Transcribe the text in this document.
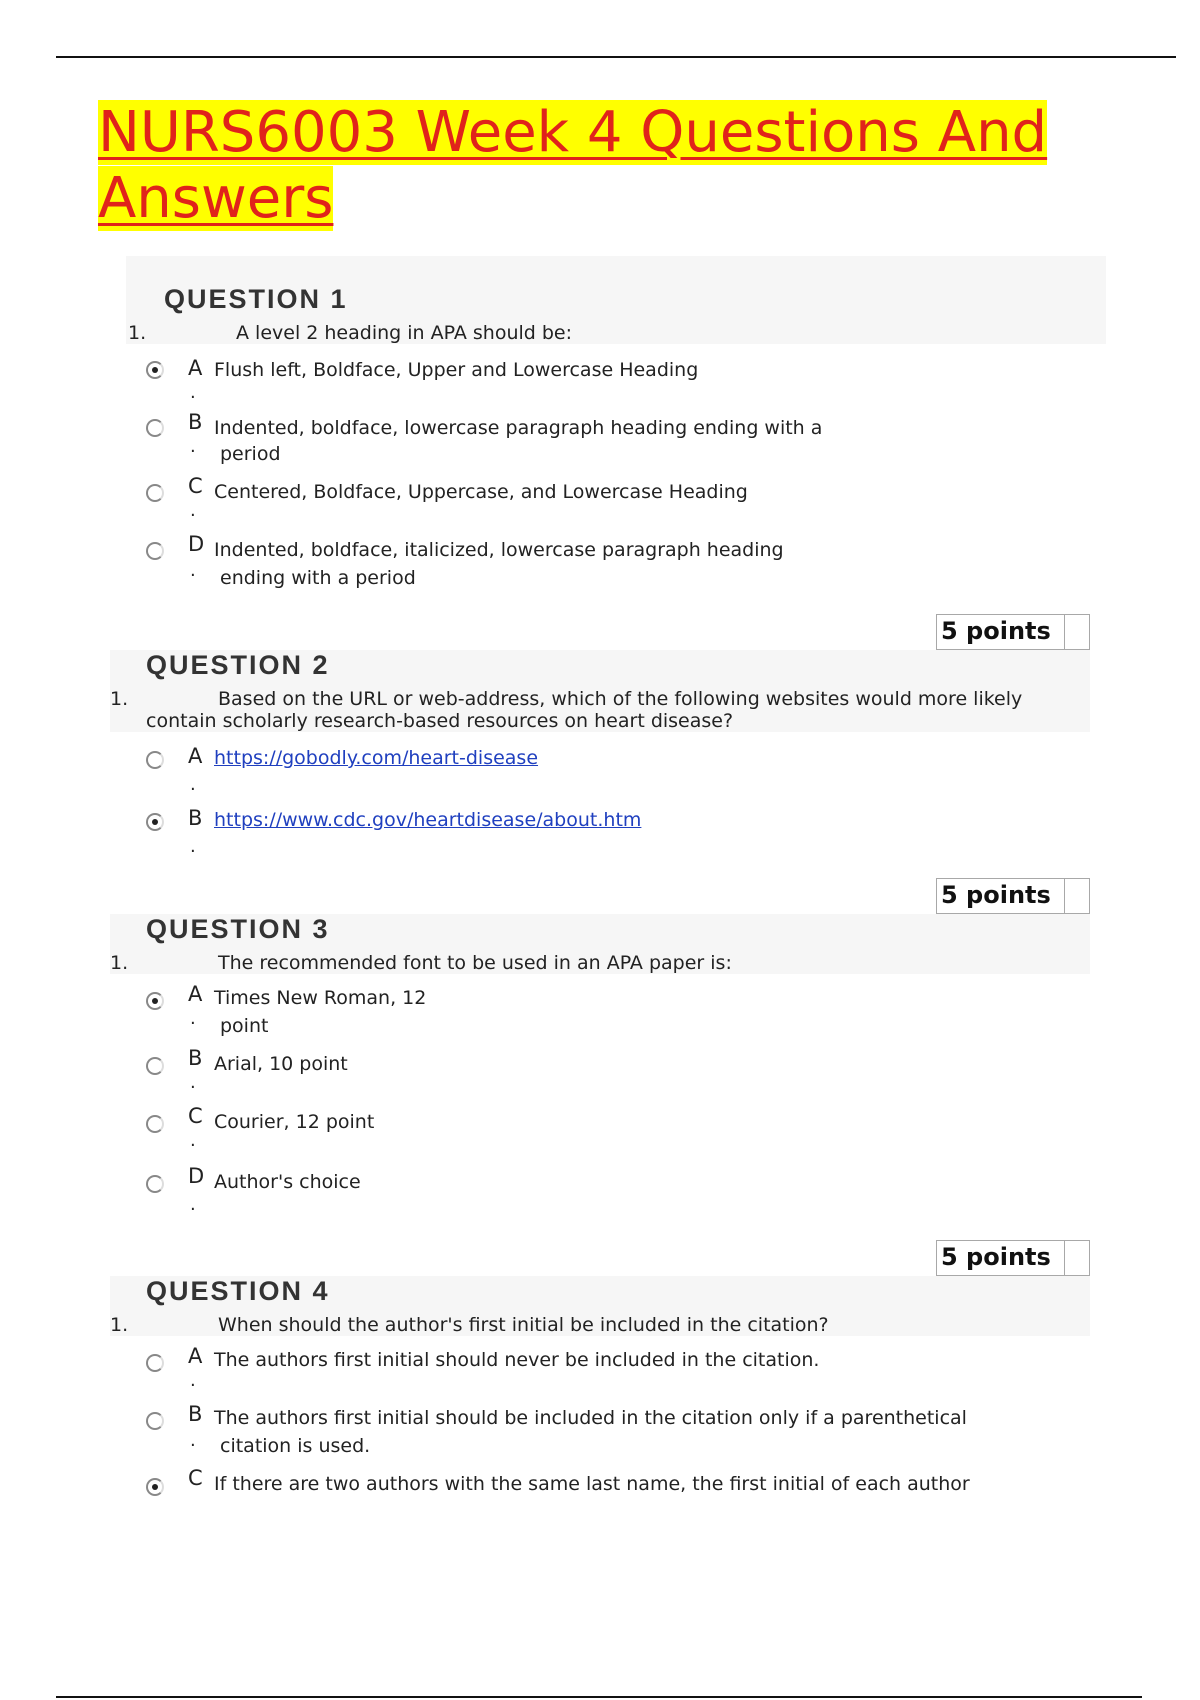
NURS6003 Week 4 Questions And
Answers
QUESTION 1
1.	A level 2 heading in APA should be:
A
.
Flush left, Boldface, Upper and Lowercase Heading
B
.
Indented, boldface, lowercase paragraph heading ending with a
period
C
.
Centered, Boldface, Uppercase, and Lowercase Heading
D
.
Indented, boldface, italicized, lowercase paragraph heading
ending with a period
5 points
QUESTION 2
1.	Based on the URL or web-address, which of the following websites would more likely
contain scholarly research-based resources on heart disease?
A
.
https://gobodly.com/heart-disease
B
.
https://www.cdc.gov/heartdisease/about.htm
5 points
QUESTION 3
1.	The recommended font to be used in an APA paper is:
A
.
Times New Roman, 12
point
B
.
Arial, 10 point
C
.
Courier, 12 point
D
.
Author's choice
5 points
QUESTION 4
1.	When should the author's first initial be included in the citation?
A
.
The authors first initial should never be included in the citation.
B
.
The authors first initial should be included in the citation only if a parenthetical
citation is used.
C If there are two authors with the same last name, the first initial of each author
